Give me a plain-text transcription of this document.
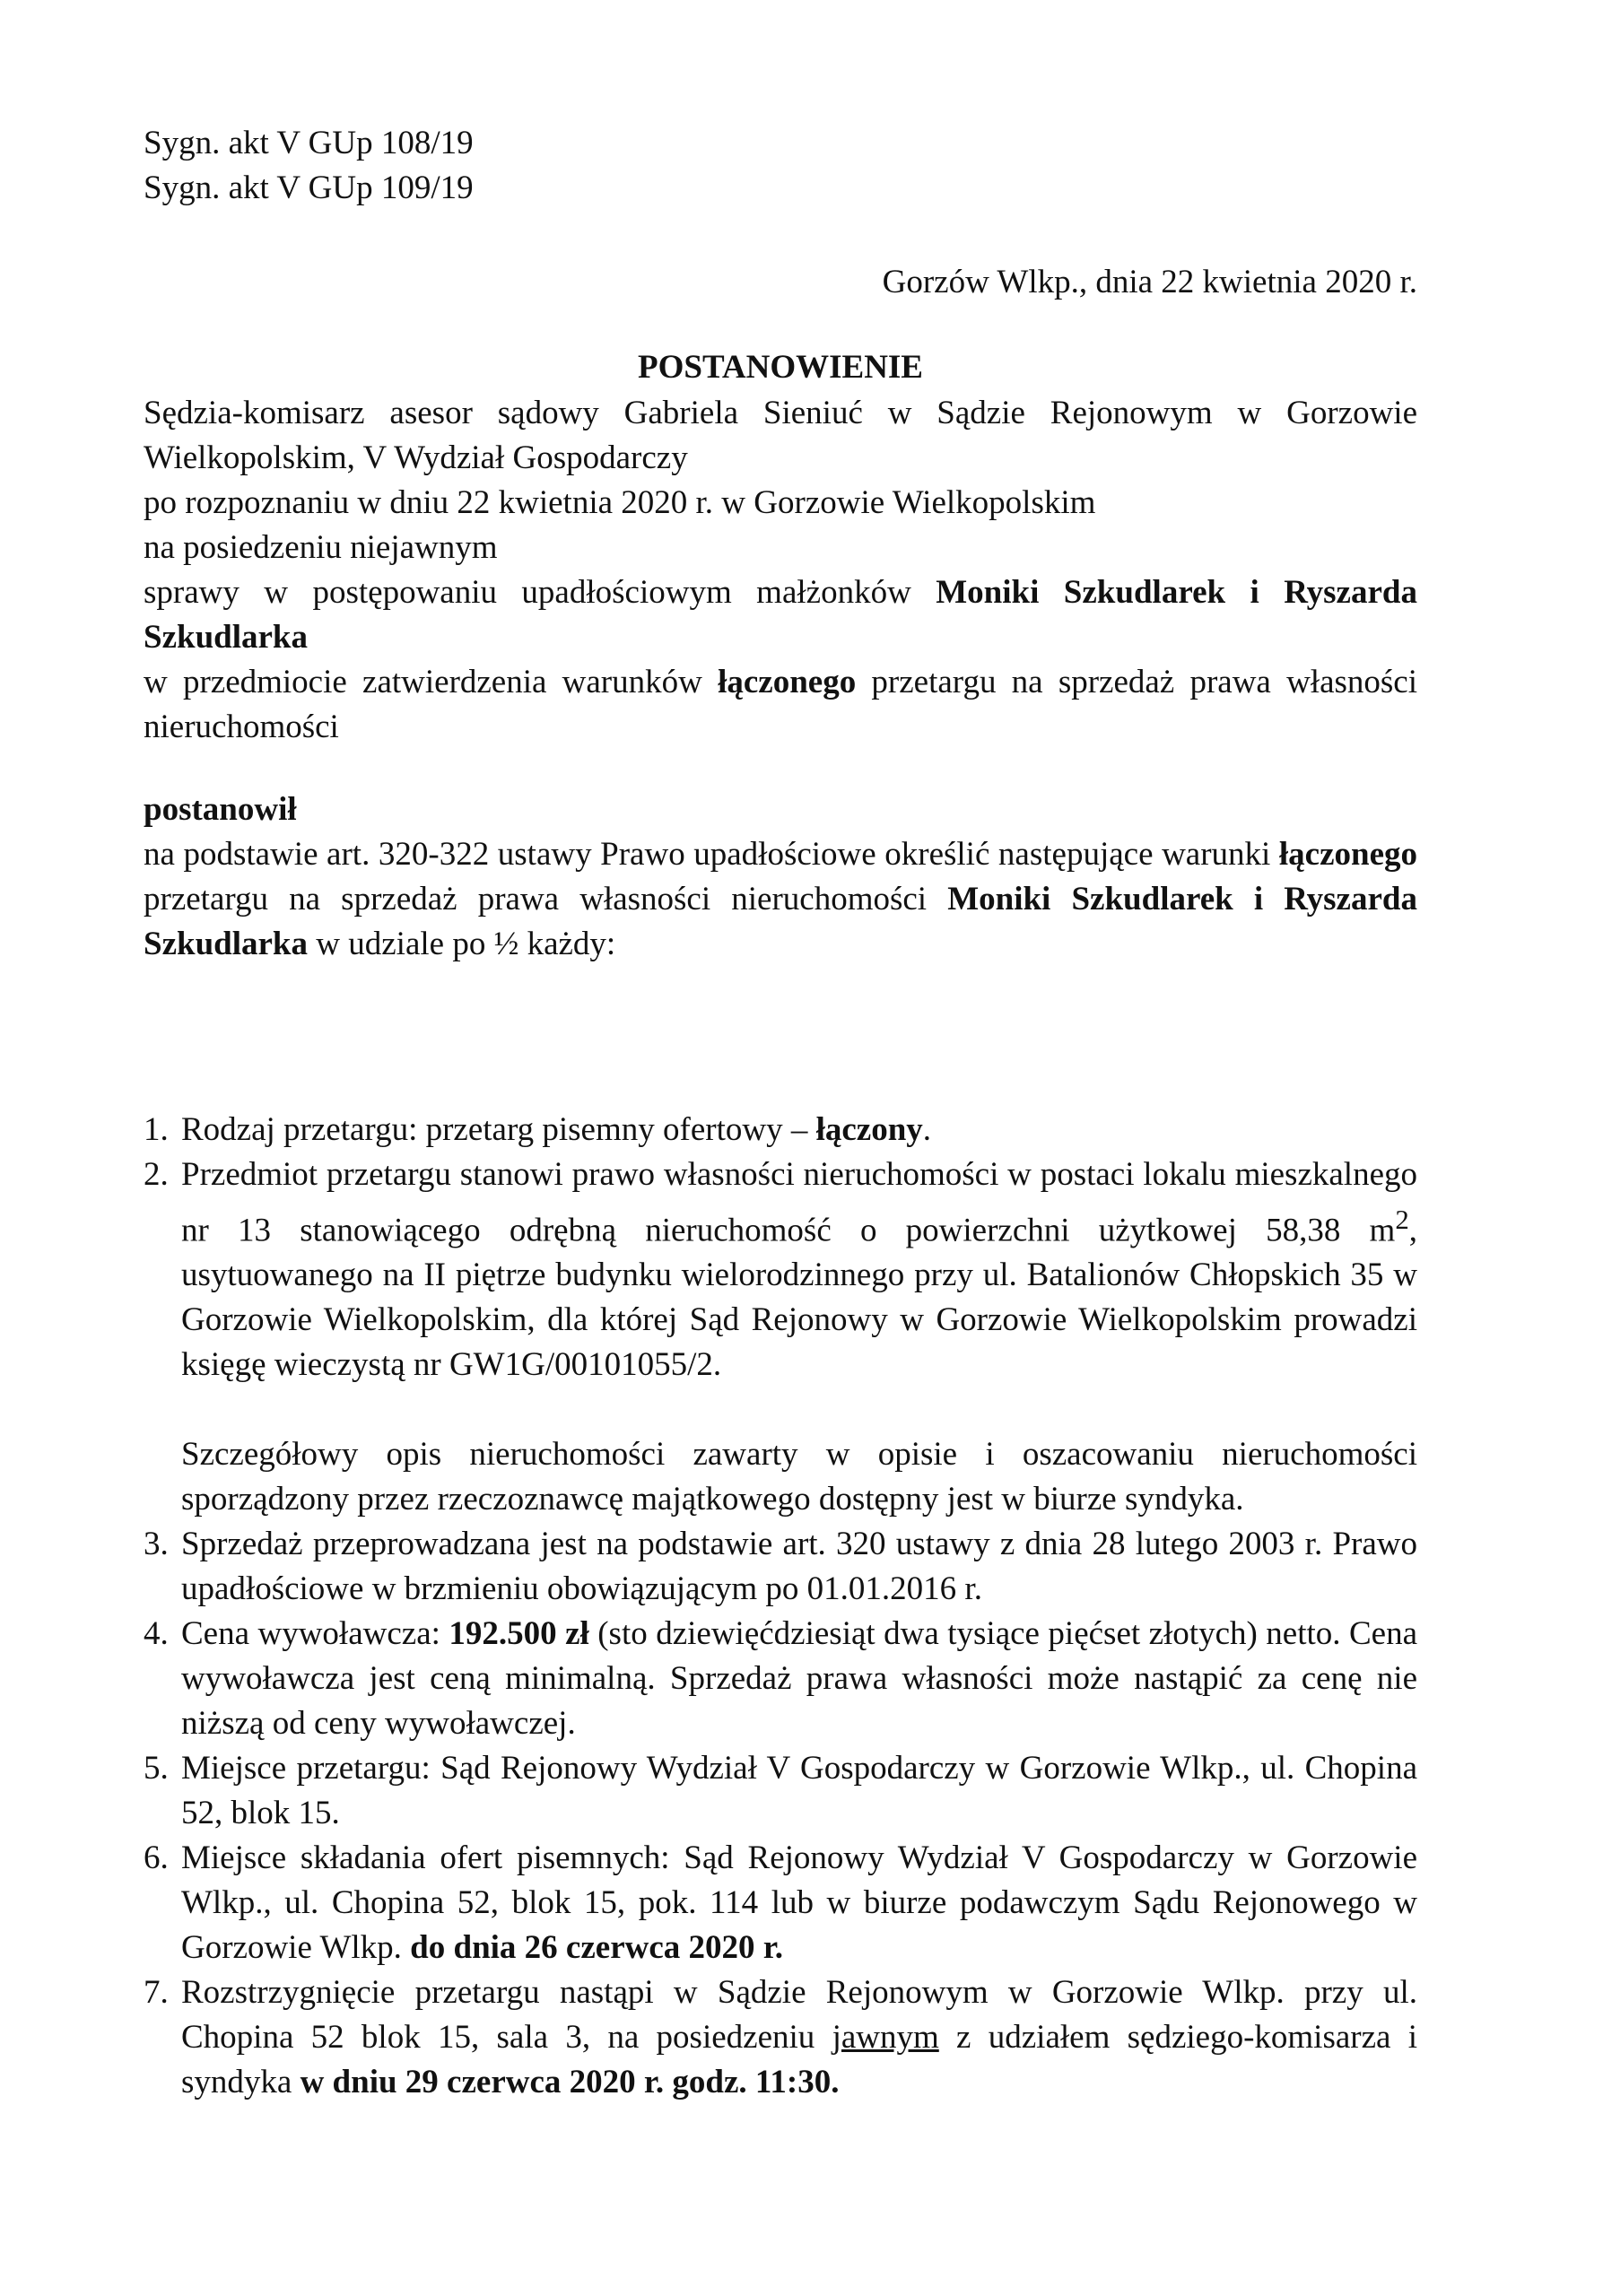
Sygn. akt V GUp 108/19
Sygn. akt V GUp 109/19
Gorzów Wlkp., dnia 22 kwietnia 2020 r.
POSTANOWIENIE
Sędzia-komisarz asesor sądowy Gabriela Sieniuć w Sądzie Rejonowym w Gorzowie Wielkopolskim, V Wydział Gospodarczy
po rozpoznaniu w dniu 22 kwietnia 2020 r. w Gorzowie Wielkopolskim
na posiedzeniu niejawnym
sprawy w postępowaniu upadłościowym małżonków Moniki Szkudlarek i Ryszarda Szkudlarka
w przedmiocie zatwierdzenia warunków łączonego przetargu na sprzedaż prawa własności nieruchomości
postanowił
na podstawie art. 320-322 ustawy Prawo upadłościowe określić następujące warunki łączonego przetargu na sprzedaż prawa własności nieruchomości Moniki Szkudlarek i Ryszarda Szkudlarka w udziale po ½ każdy:
1. Rodzaj przetargu: przetarg pisemny ofertowy – łączony.
2. Przedmiot przetargu stanowi prawo własności nieruchomości w postaci lokalu mieszkalnego nr 13 stanowiącego odrębną nieruchomość o powierzchni użytkowej 58,38 $m^2$, usytuowanego na II piętrze budynku wielorodzinnego przy ul. Batalionów Chłopskich 35 w Gorzowie Wielkopolskim, dla której Sąd Rejonowy w Gorzowie Wielkopolskim prowadzi księgę wieczystą nr GW1G/00101055/2.
Szczegółowy opis nieruchomości zawarty w opisie i oszacowaniu nieruchomości sporządzony przez rzeczoznawcę majątkowego dostępny jest w biurze syndyka.
3. Sprzedaż przeprowadzana jest na podstawie art. 320 ustawy z dnia 28 lutego 2003 r. Prawo upadłościowe w brzmieniu obowiązującym po 01.01.2016 r.
4. Cena wywoławcza: 192.500 zł (sto dziewięćdziesiąt dwa tysiące pięćset złotych) netto. Cena wywoławcza jest ceną minimalną. Sprzedaż prawa własności może nastąpić za cenę nie niższą od ceny wywoławczej.
5. Miejsce przetargu: Sąd Rejonowy Wydział V Gospodarczy w Gorzowie Wlkp., ul. Chopina 52, blok 15.
6. Miejsce składania ofert pisemnych: Sąd Rejonowy Wydział V Gospodarczy w Gorzowie Wlkp., ul. Chopina 52, blok 15, pok. 114 lub w biurze podawczym Sądu Rejonowego w Gorzowie Wlkp. do dnia 26 czerwca 2020 r.
7. Rozstrzygnięcie przetargu nastąpi w Sądzie Rejonowym w Gorzowie Wlkp. przy ul. Chopina 52 blok 15, sala 3, na posiedzeniu jawnym z udziałem sędziego-komisarza i syndyka w dniu 29 czerwca 2020 r. godz. 11:30.
